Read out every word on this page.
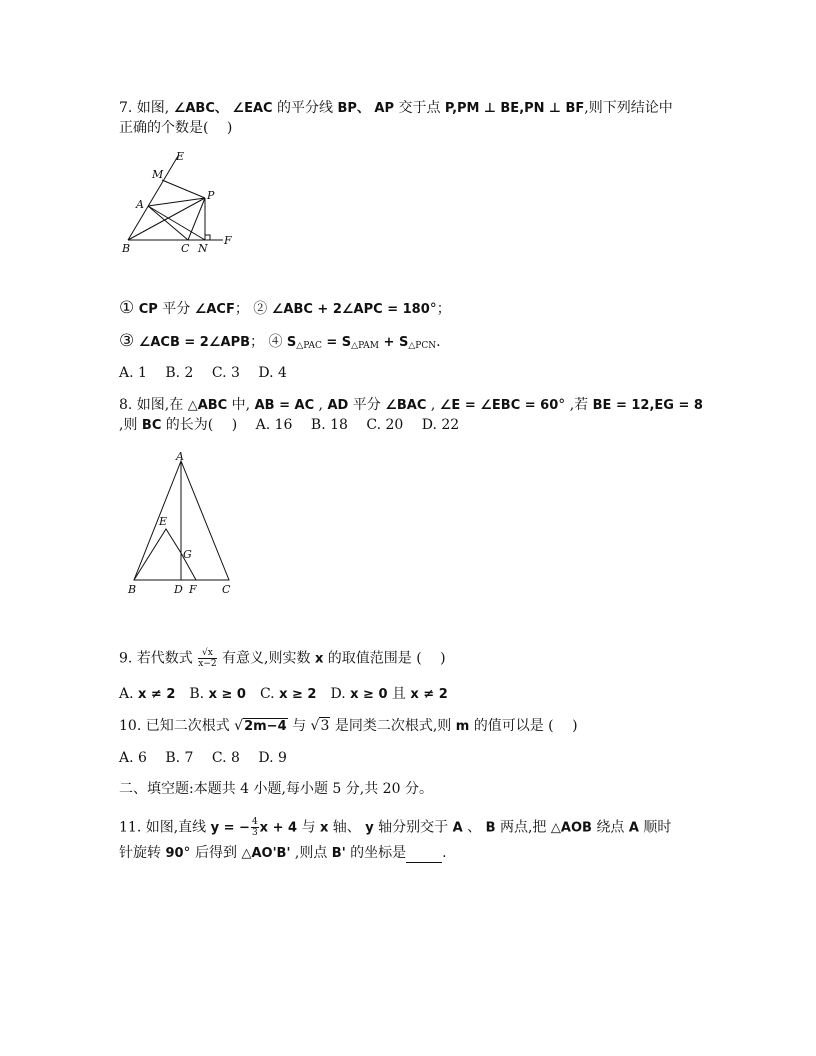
7. 如图, ∠ABC、 ∠EAC 的平分线 BP、 AP 交于点 P,PM ⊥ BE,PN ⊥ BF,则下列结论中
正确的个数是(　 )
E
M
P
A
B	C N
F
① CP 平分 ∠ACF； ② ∠ABC + 2∠APC = 180°；
③ ∠ACB = 2∠APB； ④ $S_{\triangle PAC} = S_{\triangle PAM} + S_{\triangle PCN}$.
A. 1　 B. 2　 C. 3　 D. 4
8. 如图,在 △ABC 中, AB = AC , AD 平分 ∠BAC , ∠E = ∠EBC = 60° ,若 BE = 12,EG = 8
,则 BC 的长为(　 )　 A. 16　 B. 18　 C. 20　 D. 22
A
E
G
B	D F C
9. 若代数式 $\frac{√x}{x-2}$ 有意义,则实数 x 的取值范围是 (　 )
A. x ≠ 2　B. x ≥ 0　C. x ≥ 2　D. x ≥ 0 且 x ≠ 2
10. 已知二次根式 √2m−4 与 √3 是同类二次根式,则 m 的值可以是 (　 )
A. 6　 B. 7　 C. 8　 D. 9
二、填空题:本题共 4 小题,每小题 5 分,共 20 分。
11. 如图,直线 y = − $\frac{4}{3}$ x + 4 与 x 轴、 y 轴分别交于 A 、 B 两点,把 △AOB 绕点 A 顺时
针旋转 90° 后得到 △AO'B' ,则点 B' 的坐标是	.
